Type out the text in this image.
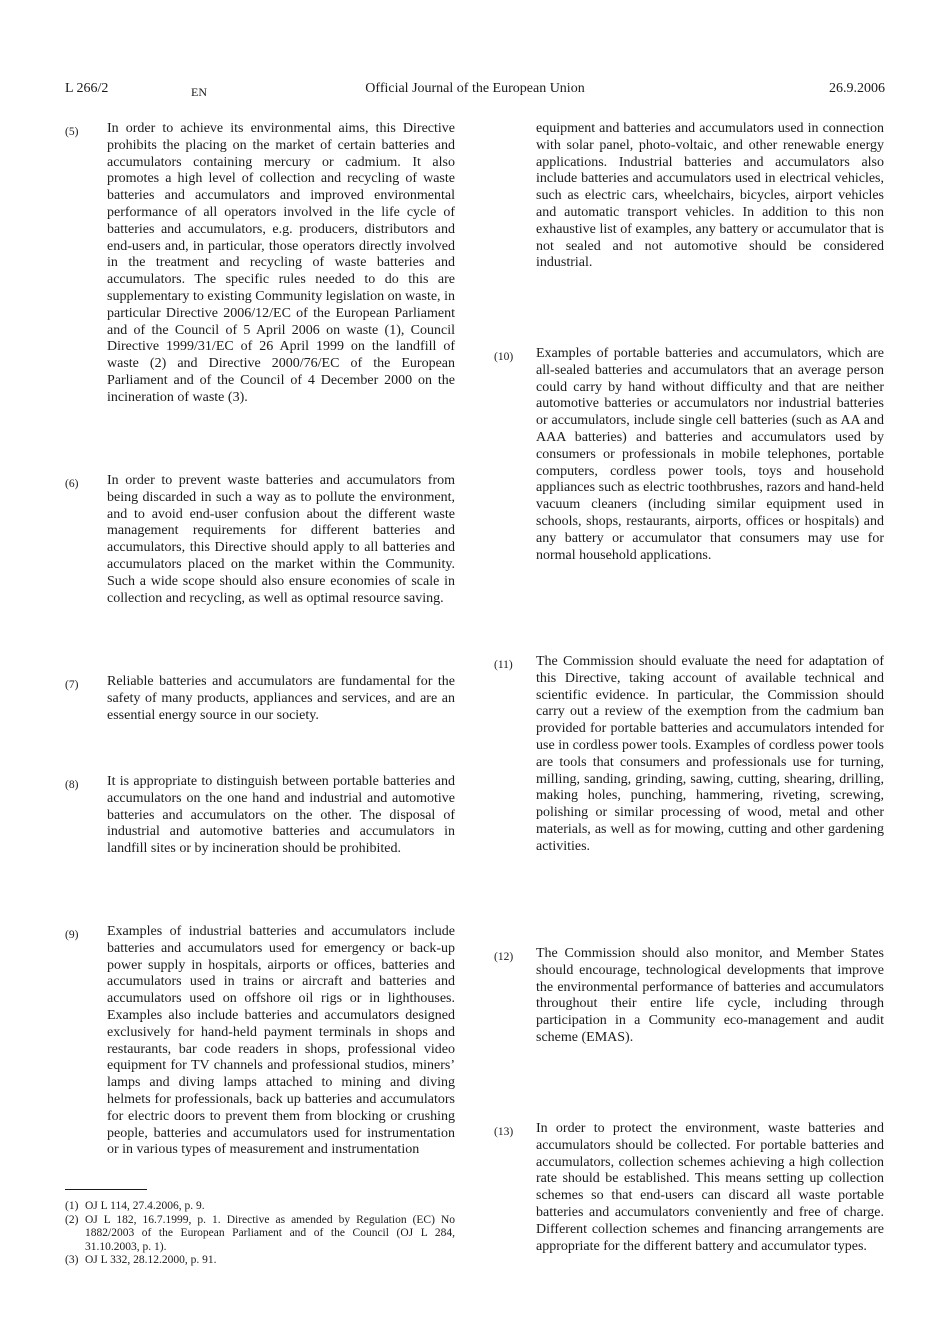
L 266/2	EN	Official Journal of the European Union	26.9.2006
(5) In order to achieve its environmental aims, this Directive prohibits the placing on the market of certain batteries and accumulators containing mercury or cadmium. It also promotes a high level of collection and recycling of waste batteries and accumulators and improved environmental performance of all operators involved in the life cycle of batteries and accumulators, e.g. producers, distributors and end-users and, in particular, those operators directly involved in the treatment and recycling of waste batteries and accumulators. The specific rules needed to do this are supplementary to existing Community legislation on waste, in particular Directive 2006/12/EC of the European Parliament and of the Council of 5 April 2006 on waste (1), Council Directive 1999/31/EC of 26 April 1999 on the landfill of waste (2) and Directive 2000/76/EC of the European Parliament and of the Council of 4 December 2000 on the incineration of waste (3).
(6) In order to prevent waste batteries and accumulators from being discarded in such a way as to pollute the environment, and to avoid end-user confusion about the different waste management requirements for different batteries and accumulators, this Directive should apply to all batteries and accumulators placed on the market within the Community. Such a wide scope should also ensure economies of scale in collection and recycling, as well as optimal resource saving.
(7) Reliable batteries and accumulators are fundamental for the safety of many products, appliances and services, and are an essential energy source in our society.
(8) It is appropriate to distinguish between portable batteries and accumulators on the one hand and industrial and automotive batteries and accumulators on the other. The disposal of industrial and automotive batteries and accumulators in landfill sites or by incineration should be prohibited.
(9) Examples of industrial batteries and accumulators include batteries and accumulators used for emergency or back-up power supply in hospitals, airports or offices, batteries and accumulators used in trains or aircraft and batteries and accumulators used on offshore oil rigs or in lighthouses. Examples also include batteries and accumulators designed exclusively for hand-held payment terminals in shops and restaurants, bar code readers in shops, professional video equipment for TV channels and professional studios, miners’ lamps and diving lamps attached to mining and diving helmets for professionals, back up batteries and accumulators for electric doors to prevent them from blocking or crushing people, batteries and accumulators used for instrumentation or in various types of measurement and instrumentation
equipment and batteries and accumulators used in connection with solar panel, photo-voltaic, and other renewable energy applications. Industrial batteries and accumulators also include batteries and accumulators used in electrical vehicles, such as electric cars, wheelchairs, bicycles, airport vehicles and automatic transport vehicles. In addition to this non exhaustive list of examples, any battery or accumulator that is not sealed and not automotive should be considered industrial.
(10) Examples of portable batteries and accumulators, which are all-sealed batteries and accumulators that an average person could carry by hand without difficulty and that are neither automotive batteries or accumulators nor industrial batteries or accumulators, include single cell batteries (such as AA and AAA batteries) and batteries and accumulators used by consumers or professionals in mobile telephones, portable computers, cordless power tools, toys and household appliances such as electric toothbrushes, razors and hand-held vacuum cleaners (including similar equipment used in schools, shops, restaurants, airports, offices or hospitals) and any battery or accumulator that consumers may use for normal household applications.
(11) The Commission should evaluate the need for adaptation of this Directive, taking account of available technical and scientific evidence. In particular, the Commission should carry out a review of the exemption from the cadmium ban provided for portable batteries and accumulators intended for use in cordless power tools. Examples of cordless power tools are tools that consumers and professionals use for turning, milling, sanding, grinding, sawing, cutting, shearing, drilling, making holes, punching, hammering, riveting, screwing, polishing or similar processing of wood, metal and other materials, as well as for mowing, cutting and other gardening activities.
(12) The Commission should also monitor, and Member States should encourage, technological developments that improve the environmental performance of batteries and accumulators throughout their entire life cycle, including through participation in a Community eco-management and audit scheme (EMAS).
(13) In order to protect the environment, waste batteries and accumulators should be collected. For portable batteries and accumulators, collection schemes achieving a high collection rate should be established. This means setting up collection schemes so that end-users can discard all waste portable batteries and accumulators conveniently and free of charge. Different collection schemes and financing arrangements are appropriate for the different battery and accumulator types.
(1) OJ L 114, 27.4.2006, p. 9.
(2) OJ L 182, 16.7.1999, p. 1. Directive as amended by Regulation (EC) No 1882/2003 of the European Parliament and of the Council (OJ L 284, 31.10.2003, p. 1).
(3) OJ L 332, 28.12.2000, p. 91.
